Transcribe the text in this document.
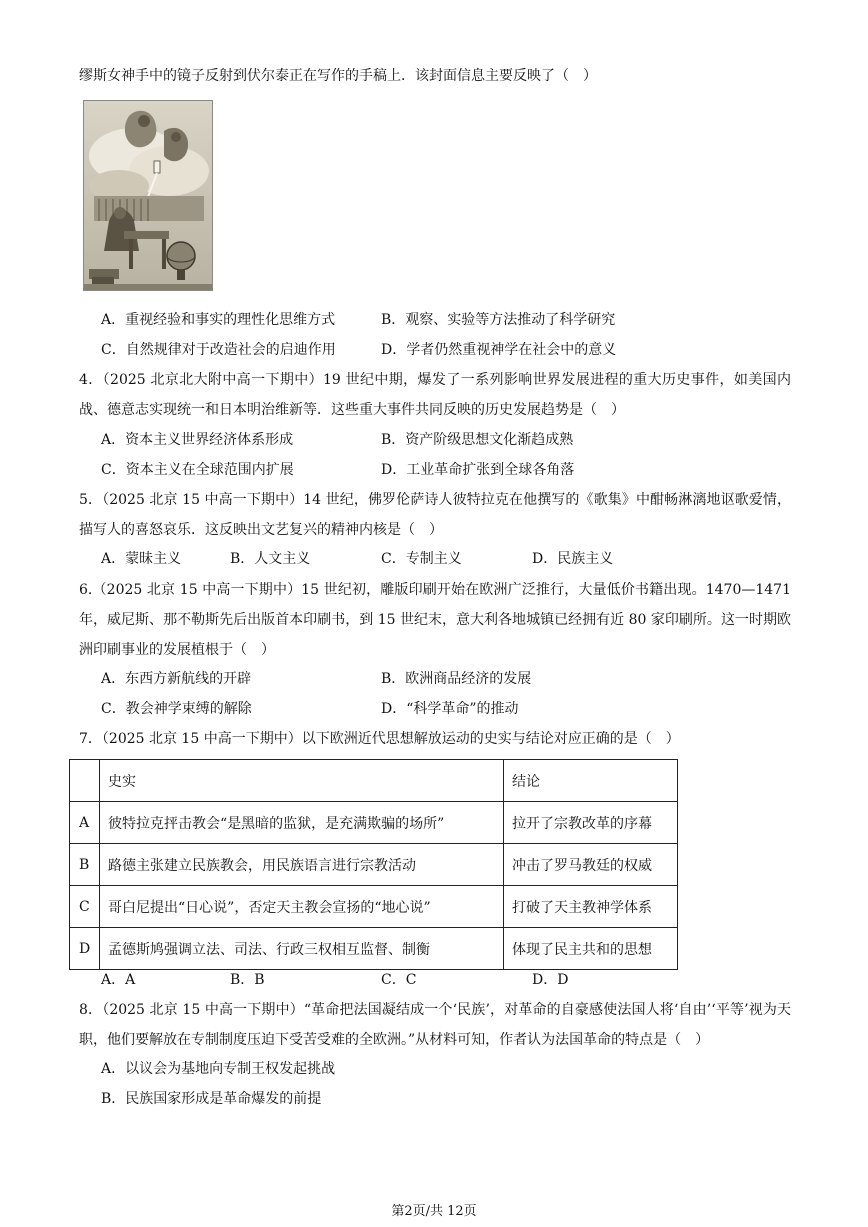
缪斯女神手中的镜子反射到伏尔泰正在写作的手稿上．该封面信息主要反映了（　）
A．重视经验和事实的理性化思维方式	B．观察、实验等方法推动了科学研究
C．自然规律对于改造社会的启迪作用	D．学者仍然重视神学在社会中的意义
4．（2025 北京北大附中高一下期中）19 世纪中期，爆发了一系列影响世界发展进程的重大历史事件，如美国内战、德意志实现统一和日本明治维新等．这些重大事件共同反映的历史发展趋势是（　）
A．资本主义世界经济体系形成	B．资产阶级思想文化渐趋成熟
C．资本主义在全球范围内扩展	D．工业革命扩张到全球各角落
5．（2025 北京 15 中高一下期中）14 世纪，佛罗伦萨诗人彼特拉克在他撰写的《歌集》中酣畅淋漓地讴歌爱情，描写人的喜怒哀乐．这反映出文艺复兴的精神内核是（　）
A．蒙昧主义	B．人文主义	C．专制主义	D．民族主义
6.（2025 北京 15 中高一下期中）15 世纪初，雕版印刷开始在欧洲广泛推行，大量低价书籍出现。1470—1471 年，威尼斯、那不勒斯先后出版首本印刷书，到 15 世纪末，意大利各地城镇已经拥有近 80 家印刷所。这一时期欧洲印刷事业的发展植根于（　）
A．东西方新航线的开辟	B．欧洲商品经济的发展
C．教会神学束缚的解除	D．“科学革命”的推动
7．（2025 北京 15 中高一下期中）以下欧洲近代思想解放运动的史实与结论对应正确的是（　）
	史实	结论
A	彼特拉克抨击教会“是黑暗的监狱，是充满欺骗的场所”	拉开了宗教改革的序幕
B	路德主张建立民族教会，用民族语言进行宗教活动	冲击了罗马教廷的权威
C	哥白尼提出“日心说”，否定天主教会宣扬的“地心说”	打破了天主教神学体系
D	孟德斯鸠强调立法、司法、行政三权相互监督、制衡	体现了民主共和的思想
A．A	B．B	C．C	D．D
8．（2025 北京 15 中高一下期中）“革命把法国凝结成一个‘民族’，对革命的自豪感使法国人将‘自由’‘平等’视为天职，他们要解放在专制制度压迫下受苦受难的全欧洲。”从材料可知，作者认为法国革命的特点是（　）
A．以议会为基地向专制王权发起挑战
B．民族国家形成是革命爆发的前提
第2页/共 12页
